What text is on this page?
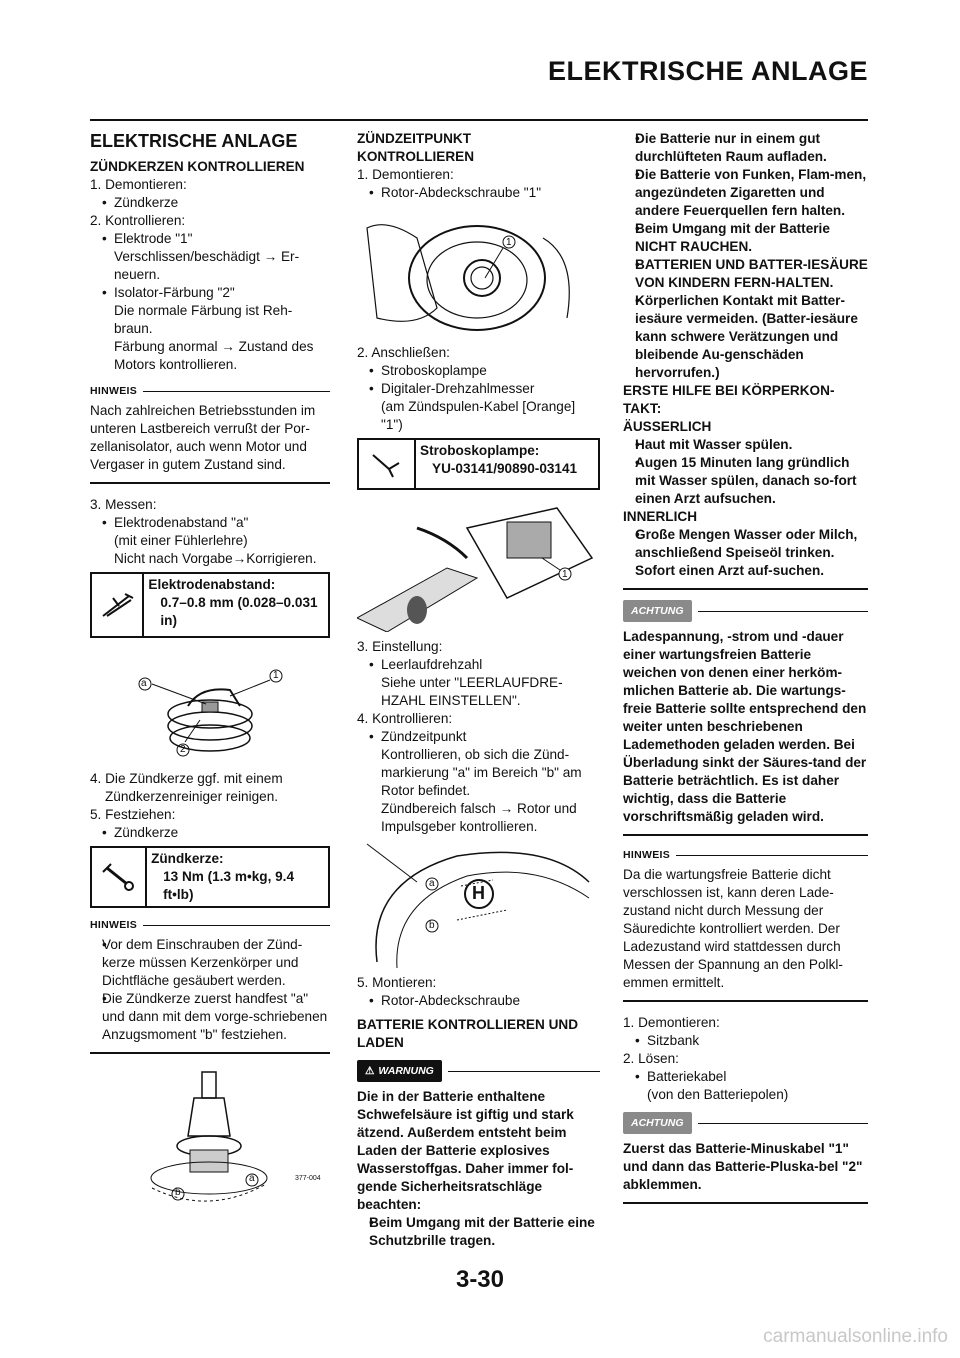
ELEKTRISCHE ANLAGE
ELEKTRISCHE ANLAGE
ZÜNDKERZEN KONTROLLIEREN

1. Demontieren:

• Zündkerze

2. Kontrollieren:

• Elektrode "1"

Verschlissen/beschädigt → Er-

neuern.

• Isolator-Färbung "2"

Die normale Färbung ist Reh-

braun.

Färbung anormal → Zustand des

Motors kontrollieren.

HINWEIS

Nach zahlreichen Betriebsstunden im unteren Lastbereich verrußt der Por-zellanisolator, auch wenn Motor und Vergaser in gutem Zustand sind.

3. Messen:

• Elektrodenabstand "a"

(mit einer Fühlerlehre)

Nicht nach Vorgabe→Korrigieren.

Elektrodenabstand:
0.7–0.8 mm (0.028–0.031 in)
a
1
2

4. Die Zündkerze ggf. mit einem Zündkerzenreiniger reinigen.

5. Festziehen:

• Zündkerze

Zündkerze:
13 Nm (1.3 m•kg, 9.4 ft•lb)
HINWEIS

• Vor dem Einschrauben der Zünd-kerze müssen Kerzenkörper und Dichtfläche gesäubert werden.

• Die Zündkerze zuerst handfest "a" und dann mit dem vorge-schriebenen Anzugsmoment "b" festziehen.

a
b
377-004
ZÜNDZEITPUNKT
KONTROLLIEREN

1. Demontieren:

• Rotor-Abdeckschraube "1"

1

2. Anschließen:

• Stroboskoplampe

• Digitaler-Drehzahlmesser

(am Zündspulen-Kabel [Orange]

"1")

Stroboskoplampe:
YU-03141/90890-03141
1

3. Einstellung:

• Leerlaufdrehzahl

Siehe unter "LEERLAUFDRE-

HZAHL EINSTELLEN".

4. Kontrollieren:

• Zündzeitpunkt

Kontrollieren, ob sich die Zünd-

markierung "a" im Bereich "b" am

Rotor befindet.

Zündbereich falsch → Rotor und

Impulsgeber kontrollieren.

H
a
b

5. Montieren:

• Rotor-Abdeckschraube

BATTERIE KONTROLLIEREN UND
LADEN
⚠ WARNUNG

Die in der Batterie enthaltene Schwefelsäure ist giftig und stark ätzend. Außerdem entsteht beim Laden der Batterie explosives Wasserstoffgas. Daher immer fol-gende Sicherheitsratschläge beachten:

• Beim Umgang mit der Batterie eine Schutzbrille tragen.

• Die Batterie nur in einem gut durchlüfteten Raum aufladen.

• Die Batterie von Funken, Flam-men, angezündeten Zigaretten und andere Feuerquellen fern halten.

• Beim Umgang mit der Batterie NICHT RAUCHEN.

• BATTERIEN UND BATTER-IESÄURE VON KINDERN FERN-HALTEN.

• Körperlichen Kontakt mit Batter-iesäure vermeiden. (Batter-iesäure kann schwere Verätzungen und bleibende Au-genschäden hervorrufen.)

ERSTE HILFE BEI KÖRPERKON-TAKT:

ÄUSSERLICH

• Haut mit Wasser spülen.

• Augen 15 Minuten lang gründlich mit Wasser spülen, danach so-fort einen Arzt aufsuchen.

INNERLICH

• Große Mengen Wasser oder Milch, anschließend Speiseöl trinken. Sofort einen Arzt auf-suchen.

ACHTUNG

Ladespannung, -strom und -dauer einer wartungsfreien Batterie weichen von denen einer herköm-mlichen Batterie ab. Die wartungs-freie Batterie sollte entsprechend den weiter unten beschriebenen Lademethoden geladen werden. Bei Überladung sinkt der Säures-tand der Batterie beträchtlich. Es ist daher wichtig, dass die Batterie vorschriftsmäßig geladen wird.

HINWEIS

Da die wartungsfreie Batterie dicht verschlossen ist, kann deren Lade-zustand nicht durch Messung der Säuredichte kontrolliert werden. Der Ladezustand wird stattdessen durch Messen der Spannung an den Polkl-emmen ermittelt.

1. Demontieren:

• Sitzbank

2. Lösen:

• Batteriekabel

(von den Batteriepolen)

ACHTUNG

Zuerst das Batterie-Minuskabel "1" und dann das Batterie-Pluska-bel "2" abklemmen.

3-30
carmanualsonline.info
